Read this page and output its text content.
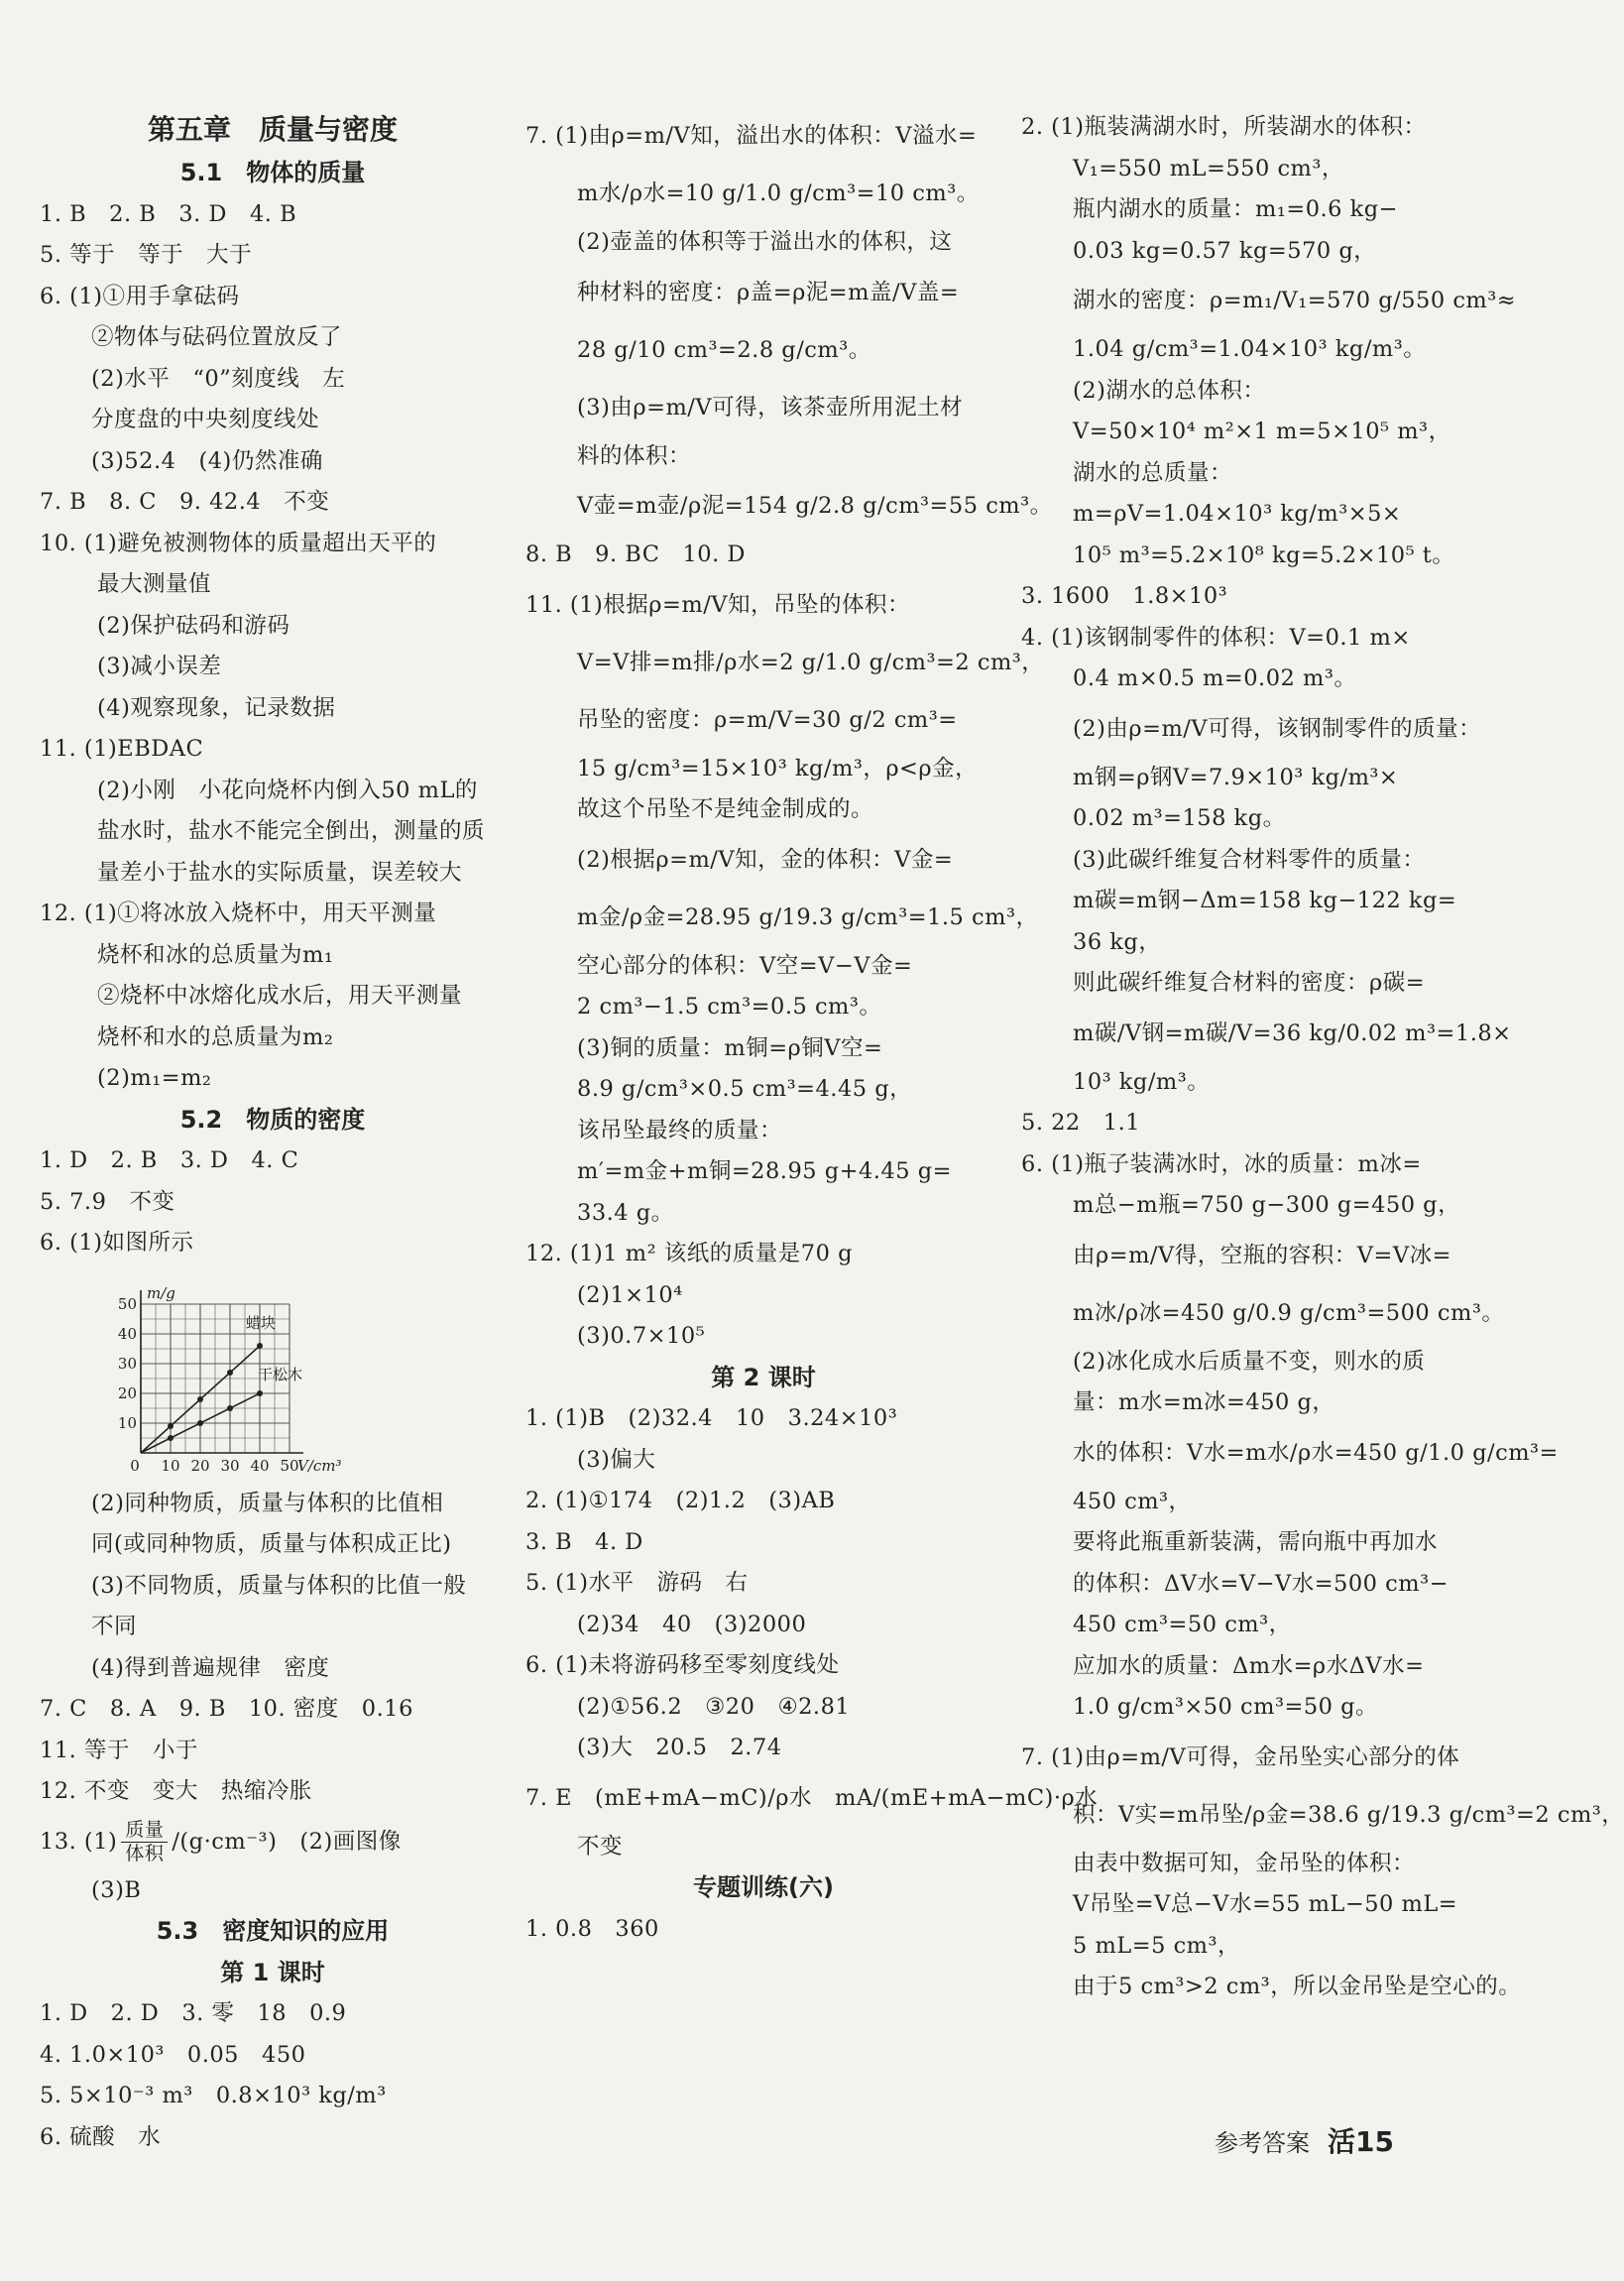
第五章　质量与密度
5.1　物体的质量
1. B　2. B　3. D　4. B
5. 等于　等于　大于
6. (1)①用手拿砝码
②物体与砝码位置放反了
(2)水平　“0”刻度线　左
分度盘的中央刻度线处
(3)52.4　(4)仍然准确
7. B　8. C　9. 42.4　不变
10. (1)避免被测物体的质量超出天平的
最大测量值
(2)保护砝码和游码
(3)减小误差
(4)观察现象，记录数据
11. (1)EBDAC
(2)小刚　小花向烧杯内倒入50 mL的
盐水时，盐水不能完全倒出，测量的质
量差小于盐水的实际质量，误差较大
12. (1)①将冰放入烧杯中，用天平测量
烧杯和冰的总质量为m₁
②烧杯中冰熔化成水后，用天平测量
烧杯和水的总质量为m₂
(2)m₁=m₂
5.2　物质的密度
1. D　2. B　3. D　4. C
5. 7.9　不变
6. (1)如图所示
0 10 20 30 40 50
10
20
30
40
50
m/g
V/cm³
蜡块
干松木
(2)同种物质，质量与体积的比值相
同(或同种物质，质量与体积成正比)
(3)不同物质，质量与体积的比值一般
不同
(4)得到普遍规律　密度
7. C　8. A　9. B　10. 密度　0.16
11. 等于　小于
12. 不变　变大　热缩冷胀
13. $(1) \frac{\text{质量}}{\text{体积}} /(g\cdot cm^{-3})$　(2)画图像
(3)B
5.3　密度知识的应用
第 1 课时
1. D　2. D　3. 零　18　0.9
4. 1.0×10³　0.05　450
5. 5×10⁻³ m³　0.8×10³ kg/m³
6. 硫酸　水
7. (1)由ρ=m/V知，溢出水的体积：V溢水=
m水/ρ水=10 g/1.0 g/cm³=10 cm³。
(2)壶盖的体积等于溢出水的体积，这
种材料的密度：ρ盖=ρ泥=m盖/V盖=
28 g/10 cm³=2.8 g/cm³。
(3)由ρ=m/V可得，该茶壶所用泥土材
料的体积：
V壶=m壶/ρ泥=154 g/2.8 g/cm³=55 cm³。
8. B　9. BC　10. D
11. (1)根据ρ=m/V知，吊坠的体积：
V=V排=m排/ρ水=2 g/1.0 g/cm³=2 cm³，
吊坠的密度：ρ=m/V=30 g/2 cm³=
15 g/cm³=15×10³ kg/m³，ρ<ρ金，
故这个吊坠不是纯金制成的。
(2)根据ρ=m/V知，金的体积：V金=
m金/ρ金=28.95 g/19.3 g/cm³=1.5 cm³，
空心部分的体积：V空=V−V金=
2 cm³−1.5 cm³=0.5 cm³。
(3)铜的质量：m铜=ρ铜V空=
8.9 g/cm³×0.5 cm³=4.45 g，
该吊坠最终的质量：
m′=m金+m铜=28.95 g+4.45 g=
33.4 g。
12. (1)1 m² 该纸的质量是70 g
(2)1×10⁴
(3)0.7×10⁵
第 2 课时
1. (1)B　(2)32.4　10　3.24×10³
(3)偏大
2. (1)①174　(2)1.2　(3)AB
3. B　4. D
5. (1)水平　游码　右
(2)34　40　(3)2000
6. (1)未将游码移至零刻度线处
(2)①56.2　③20　④2.81
(3)大　20.5　2.74
7. E　(mE+mA−mC)/ρ水　mA/(mE+mA−mC)·ρ水
不变
专题训练(六)
1. 0.8　360
2. (1)瓶装满湖水时，所装湖水的体积：
V₁=550 mL=550 cm³，
瓶内湖水的质量：m₁=0.6 kg−
0.03 kg=0.57 kg=570 g，
湖水的密度：ρ=m₁/V₁=570 g/550 cm³≈
1.04 g/cm³=1.04×10³ kg/m³。
(2)湖水的总体积：
V=50×10⁴ m²×1 m=5×10⁵ m³，
湖水的总质量：
m=ρV=1.04×10³ kg/m³×5×
10⁵ m³=5.2×10⁸ kg=5.2×10⁵ t。
3. 1600　1.8×10³
4. (1)该钢制零件的体积：V=0.1 m×
0.4 m×0.5 m=0.02 m³。
(2)由ρ=m/V可得，该钢制零件的质量：
m钢=ρ钢V=7.9×10³ kg/m³×
0.02 m³=158 kg。
(3)此碳纤维复合材料零件的质量：
m碳=m钢−Δm=158 kg−122 kg=
36 kg，
则此碳纤维复合材料的密度：ρ碳=
m碳/V钢=m碳/V=36 kg/0.02 m³=1.8×
10³ kg/m³。
5. 22　1.1
6. (1)瓶子装满冰时，冰的质量：m冰=
m总−m瓶=750 g−300 g=450 g，
由ρ=m/V得，空瓶的容积：V=V冰=
m冰/ρ冰=450 g/0.9 g/cm³=500 cm³。
(2)冰化成水后质量不变，则水的质
量：m水=m冰=450 g，
水的体积：V水=m水/ρ水=450 g/1.0 g/cm³=
450 cm³，
要将此瓶重新装满，需向瓶中再加水
的体积：ΔV水=V−V水=500 cm³−
450 cm³=50 cm³，
应加水的质量：Δm水=ρ水ΔV水=
1.0 g/cm³×50 cm³=50 g。
7. (1)由ρ=m/V可得，金吊坠实心部分的体
积：V实=m吊坠/ρ金=38.6 g/19.3 g/cm³=2 cm³，
由表中数据可知，金吊坠的体积：
V吊坠=V总−V水=55 mL−50 mL=
5 mL=5 cm³，
由于5 cm³>2 cm³，所以金吊坠是空心的。
参考答案 活15
